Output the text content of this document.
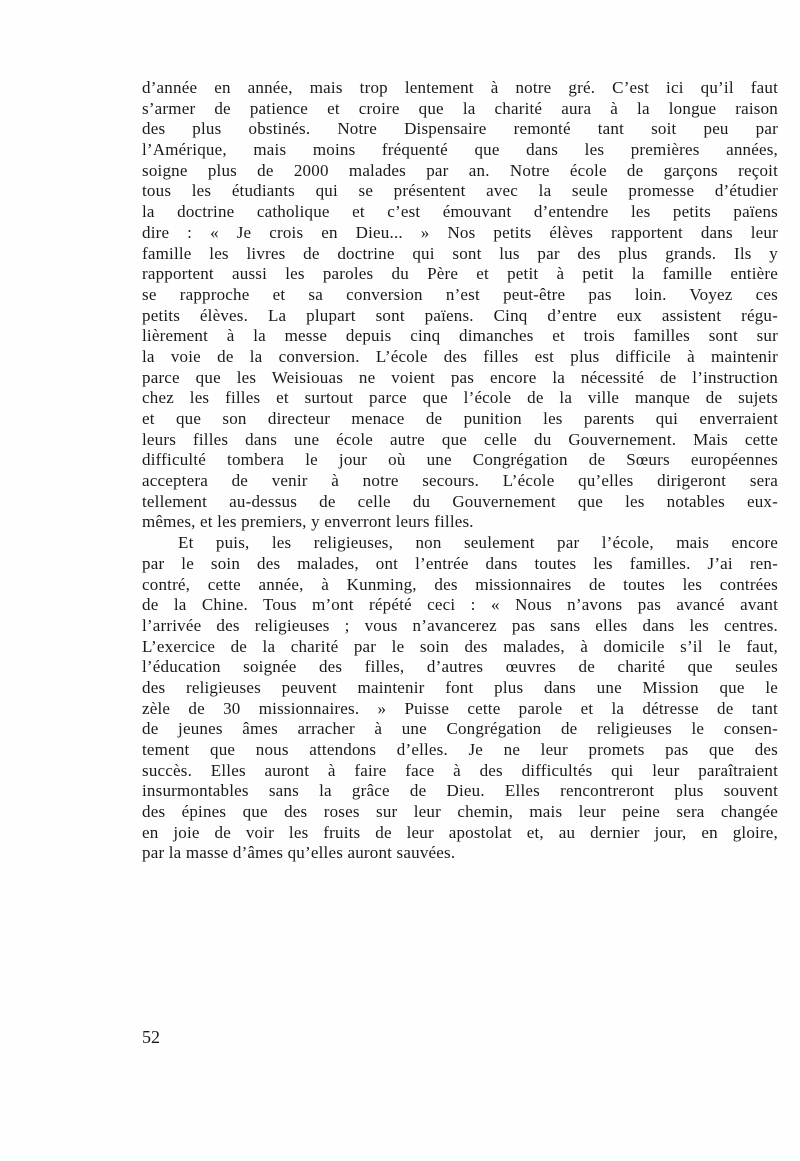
d’année en année, mais trop lentement à notre gré. C’est ici qu’il faut
s’armer de patience et croire que la charité aura à la longue raison
des plus obstinés. Notre Dispensaire remonté tant soit peu par
l’Amérique, mais moins fréquenté que dans les premières années,
soigne plus de 2000 malades par an. Notre école de garçons reçoit
tous les étudiants qui se présentent avec la seule promesse d’étudier
la doctrine catholique et c’est émouvant d’entendre les petits païens
dire : « Je crois en Dieu... » Nos petits élèves rapportent dans leur
famille les livres de doctrine qui sont lus par des plus grands. Ils y
rapportent aussi les paroles du Père et petit à petit la famille entière
se rapproche et sa conversion n’est peut-être pas loin. Voyez ces
petits élèves. La plupart sont païens. Cinq d’entre eux assistent régu-
lièrement à la messe depuis cinq dimanches et trois familles sont sur
la voie de la conversion. L’école des filles est plus difficile à maintenir
parce que les Weisiouas ne voient pas encore la nécessité de l’instruction
chez les filles et surtout parce que l’école de la ville manque de sujets
et que son directeur menace de punition les parents qui enverraient
leurs filles dans une école autre que celle du Gouvernement. Mais cette
difficulté tombera le jour où une Congrégation de Sœurs européennes
acceptera de venir à notre secours. L’école qu’elles dirigeront sera
tellement au-dessus de celle du Gouvernement que les notables eux-
mêmes, et les premiers, y enverront leurs filles.
Et puis, les religieuses, non seulement par l’école, mais encore
par le soin des malades, ont l’entrée dans toutes les familles. J’ai ren-
contré, cette année, à Kunming, des missionnaires de toutes les contrées
de la Chine. Tous m’ont répété ceci : « Nous n’avons pas avancé avant
l’arrivée des religieuses ; vous n’avancerez pas sans elles dans les centres.
L’exercice de la charité par le soin des malades, à domicile s’il le faut,
l’éducation soignée des filles, d’autres œuvres de charité que seules
des religieuses peuvent maintenir font plus dans une Mission que le
zèle de 30 missionnaires. » Puisse cette parole et la détresse de tant
de jeunes âmes arracher à une Congrégation de religieuses le consen-
tement que nous attendons d’elles. Je ne leur promets pas que des
succès. Elles auront à faire face à des difficultés qui leur paraîtraient
insurmontables sans la grâce de Dieu. Elles rencontreront plus souvent
des épines que des roses sur leur chemin, mais leur peine sera changée
en joie de voir les fruits de leur apostolat et, au dernier jour, en gloire,
par la masse d’âmes qu’elles auront sauvées.
52
